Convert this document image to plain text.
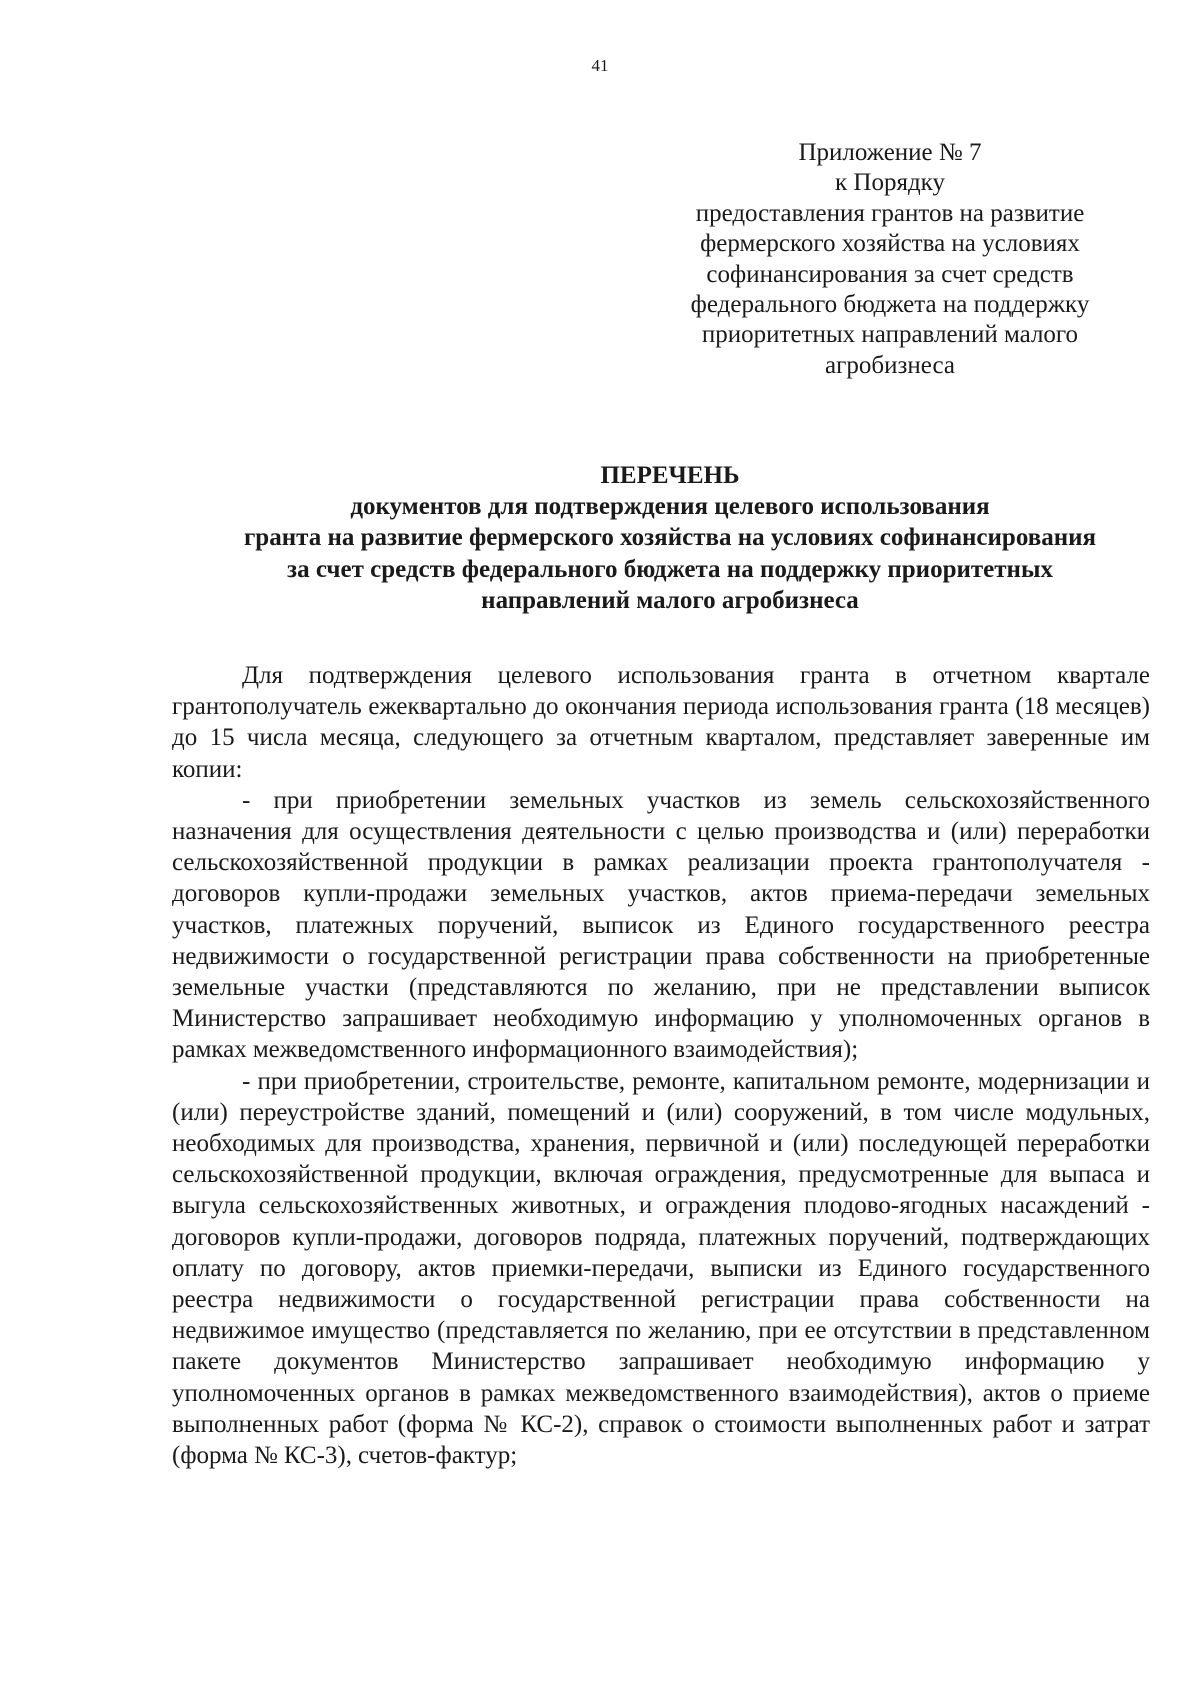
41
Приложение № 7
к Порядку
предоставления грантов на развитие
фермерского хозяйства на условиях
софинансирования за счет средств
федерального бюджета на поддержку
приоритетных направлений малого
агробизнеса
ПЕРЕЧЕНЬ
документов для подтверждения целевого использования
гранта на развитие фермерского хозяйства на условиях софинансирования
за счет средств федерального бюджета на поддержку приоритетных
направлений малого агробизнеса

Для подтверждения целевого использования гранта в отчетном квартале грантополучатель ежеквартально до окончания периода использования гранта (18 месяцев) до 15 числа месяца, следующего за отчетным кварталом, представляет заверенные им копии:

- при приобретении земельных участков из земель сельскохозяйственного назначения для осуществления деятельности с целью производства и (или) переработки сельскохозяйственной продукции в рамках реализации проекта грантополучателя - договоров купли-продажи земельных участков, актов приема-передачи земельных участков, платежных поручений, выписок из Единого государственного реестра недвижимости о государственной регистрации права собственности на приобретенные земельные участки (представляются по желанию, при не представлении выписок Министерство запрашивает необходимую информацию у уполномоченных органов в рамках межведомственного информационного взаимодействия);

- при приобретении, строительстве, ремонте, капитальном ремонте, модернизации и (или) переустройстве зданий, помещений и (или) сооружений, в том числе модульных, необходимых для производства, хранения, первичной и (или) последующей переработки сельскохозяйственной продукции, включая ограждения, предусмотренные для выпаса и выгула сельскохозяйственных животных, и ограждения плодово-ягодных насаждений - договоров купли-продажи, договоров подряда, платежных поручений, подтверждающих оплату по договору, актов приемки-передачи, выписки из Единого государственного реестра недвижимости о государственной регистрации права собственности на недвижимое имущество (представляется по желанию, при ее отсутствии в представленном пакете документов Министерство запрашивает необходимую информацию у уполномоченных органов в рамках межведомственного взаимодействия), актов о приеме выполненных работ (форма № КС-2), справок о стоимости выполненных работ и затрат (форма № КС-3), счетов-фактур;
